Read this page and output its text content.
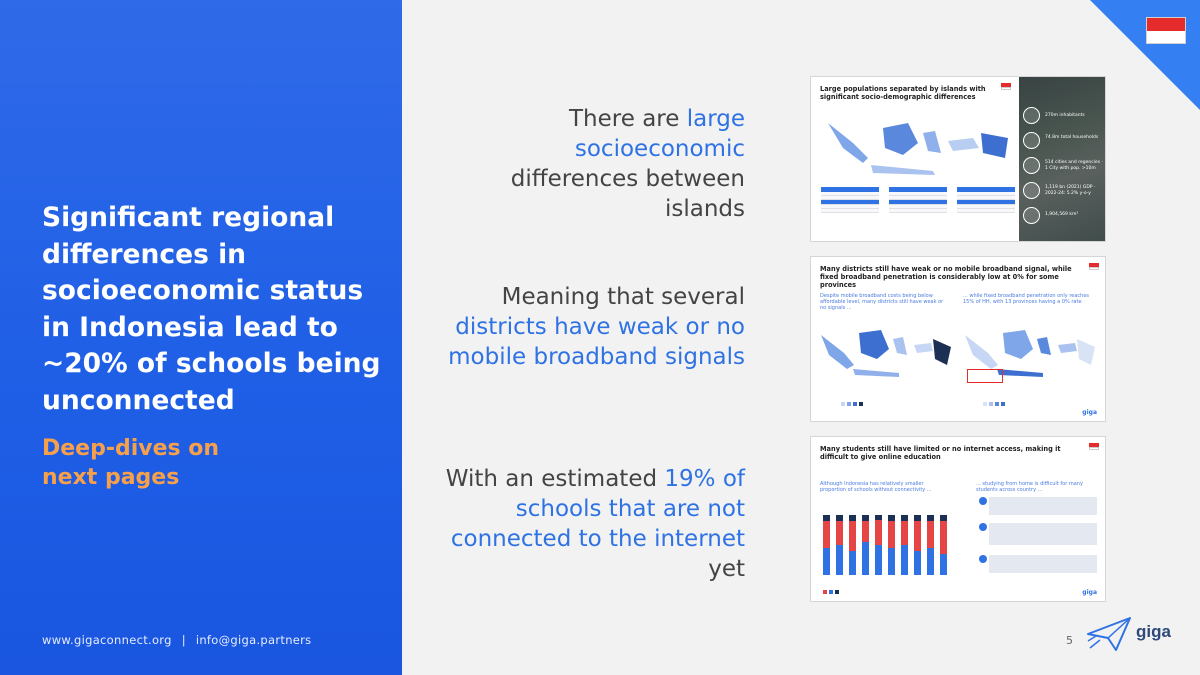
Significant regional differences in socioeconomic status in Indonesia lead to ~20% of schools being unconnected
Deep-dives on
next pages
www.gigaconnect.org | info@giga.partners
There are large socioeconomic differences between islands
Meaning that several districts have weak or no mobile broadband signals
With an estimated 19% of schools that are not connected to the internet yet
Large populations separated by islands with significant socio-demographic differences
270m inhabitants
74.8m total households
514 cities and regencies · 1 City with pop. >10m
1,119 bn (2021) GDP · 2022-24: 5.2% y-o-y
1,904,569 km²
Many districts still have weak or no mobile broadband signal, while fixed broadband penetration is considerably low at 0% for some provinces
Despite mobile broadband costs being below affordable level, many districts still have weak or no signals ...
... while fixed broadband penetration only reaches 15% of HH, with 13 provinces having a 0% rate
giga
Many students still have limited or no internet access, making it difficult to give online education
Although Indonesia has relatively smaller proportion of schools without connectivity ...
... studying from home is difficult for many students across country ...
giga
5	giga
